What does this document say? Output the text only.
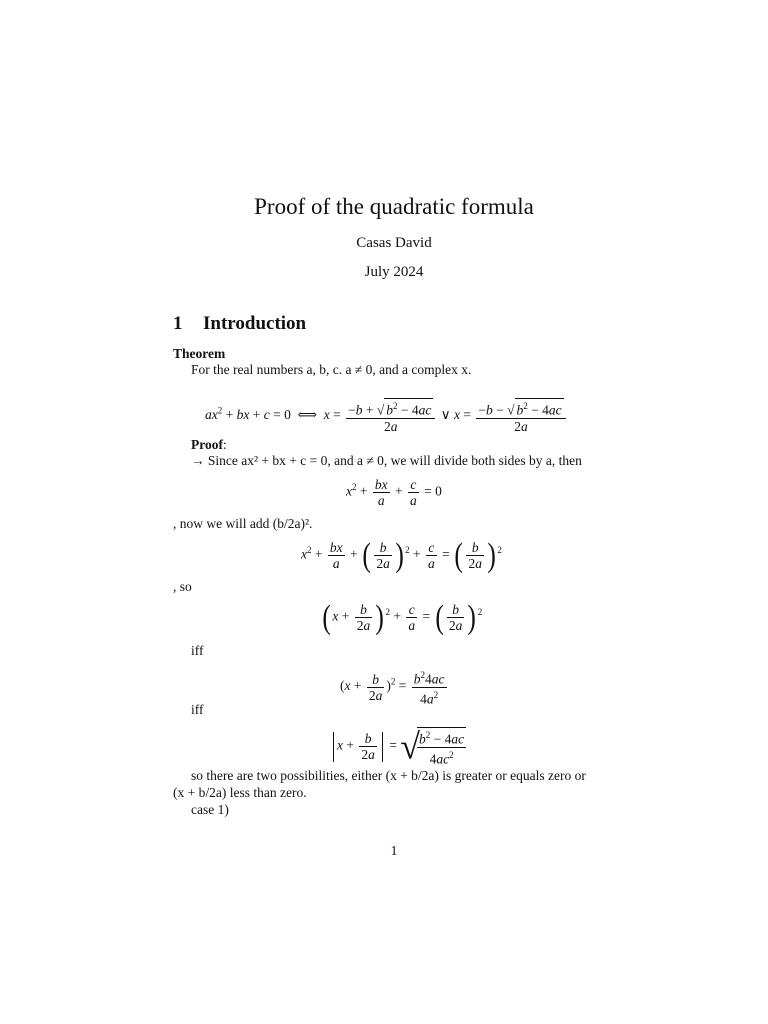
Proof of the quadratic formula
Casas David
July 2024
1 Introduction
Theorem
For the real numbers a, b, c. a ≠ 0, and a complex x.
$ax^2$ + bx + c = 0  ⟺  $x = \frac{-b + √ b^2 - 4ac}{2a}$ ∨ $x = \frac{-b - √ b^2 - 4ac}{2a}$
Proof:
→ Since ax² + bx + c = 0, and a ≠ 0, we will divide both sides by a, then
$x^2 + \frac{bx}{a} + \frac{c}{a} = 0$
, now we will add (b/2a)².
$x^2 + \frac{bx}{a}$ + ( $\frac{b}{2a} )^2 + \frac{c}{a}$ = ( $\frac{b}{2a} )^2$
, so
$(x + \frac{b}{2a} )^2 + \frac{c}{a}$ = ( $\frac{b}{2a} )^2$
iff
$(x + \frac{b}{2a} )^2 = \frac{b^24ac}{4a^2}$
iff
$x + \frac{b}{2a}$ = √
$\frac{b^2 - 4ac}{4ac^2}$
so there are two possibilities, either (x + b/2a) is greater or equals zero or
(x + b/2a) less than zero.
case 1)
1
